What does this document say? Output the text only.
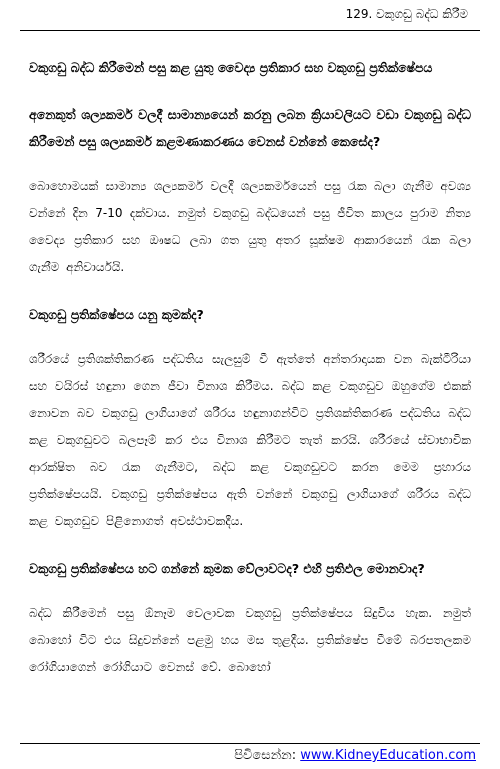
129. වකුගඩු බද්ධ කිරීම

වකුගඩු බද්ධ කිරීමෙන් පසු කළ යුතු වෛද්‍ය ප්‍රතිකාර සහ වකුගඩු ප්‍රතික්ෂේපය

අනෙකුත් ශල්‍යකර්ම වලදී සාමාන්‍යයෙන් කරනු ලබන ක්‍රියාවලියට වඩා වකුගඩු බද්ධ කිරීමෙන් පසු ශල්‍යකර්ම කළමණාකරණය වෙනස් වන්නේ කෙසේද?

බොහොමයක් සාමාන්‍ය ශල්‍යකර්ම වලදී ශල්‍යකර්මයෙන් පසු රැක බලා ගැනීම අවශ්‍ය වන්නේ දින 7-10 දක්වාය. නමුත් වකුගඩු බද්ධයෙන් පසු ජීවිත කාලය පුරාම නිත්‍ය වෛද්‍ය ප්‍රතිකාර සහ ඖෂධ ලබා ගත යුතු අතර සූක්ෂම ආකාරයෙන් රැක බලා ගැනීම අනිවාර්යයි.

වකුගඩු ප්‍රතික්ෂේපය යනු කුමක්ද?

ශරීරයේ ප්‍රතිශක්තිකරණ පද්ධතිය සැලසුම් වී ඇත්තේ අන්තරාදායක වන බැක්ටීරියා සහ වයිරස් හඳුනා ගෙන ජීවා විනාශ කිරීමය. බද්ධ කළ වකුගඩුව ඔහුගේම එකක් නොවන බව වකුගඩු ලාගියාගේ ශරීරය හඳුනාගන්විට ප්‍රතිශක්තිකරණ පද්ධතිය බද්ධ කළ වකුගඩුවට බලපෑම් කර එය විනාශ කිරීමට තැත් කරයි. ශරීරයේ ස්වාභාවික ආරක්ෂිත බව රැක ගැනීමට, බද්ධ කළ වකුගඩුවට කරන මෙම ප්‍රහාරය ප්‍රතික්ෂේපයයි. වකුගඩු ප්‍රතික්ෂේපය ඇති වන්නේ වකුගඩු ලාගියාගේ ශරීරය බද්ධ කළ වකුගඩුව පිළිනොගත් අවස්ථාවකදීය.

වකුගඩු ප්‍රතික්ෂේපය හට ගන්නේ කුමක වේලාවටද? එහි ප්‍රතිඵල මොනවාද?

බද්ධ කිරීමෙන් පසු ඕනෑම වෙලාවක වකුගඩු ප්‍රතික්ෂේපය සිදුවිය හැක. නමුත් බොහෝ විට එය සිදුවන්නේ පළමු හය මස තුළදීය. ප්‍රතික්ෂේප වීමේ බරපතලකම රෝගියාගෙන් රෝගියාට වෙනස් වේ. බොහෝ

පිවිසෙන්න: www.KidneyEducation.com
